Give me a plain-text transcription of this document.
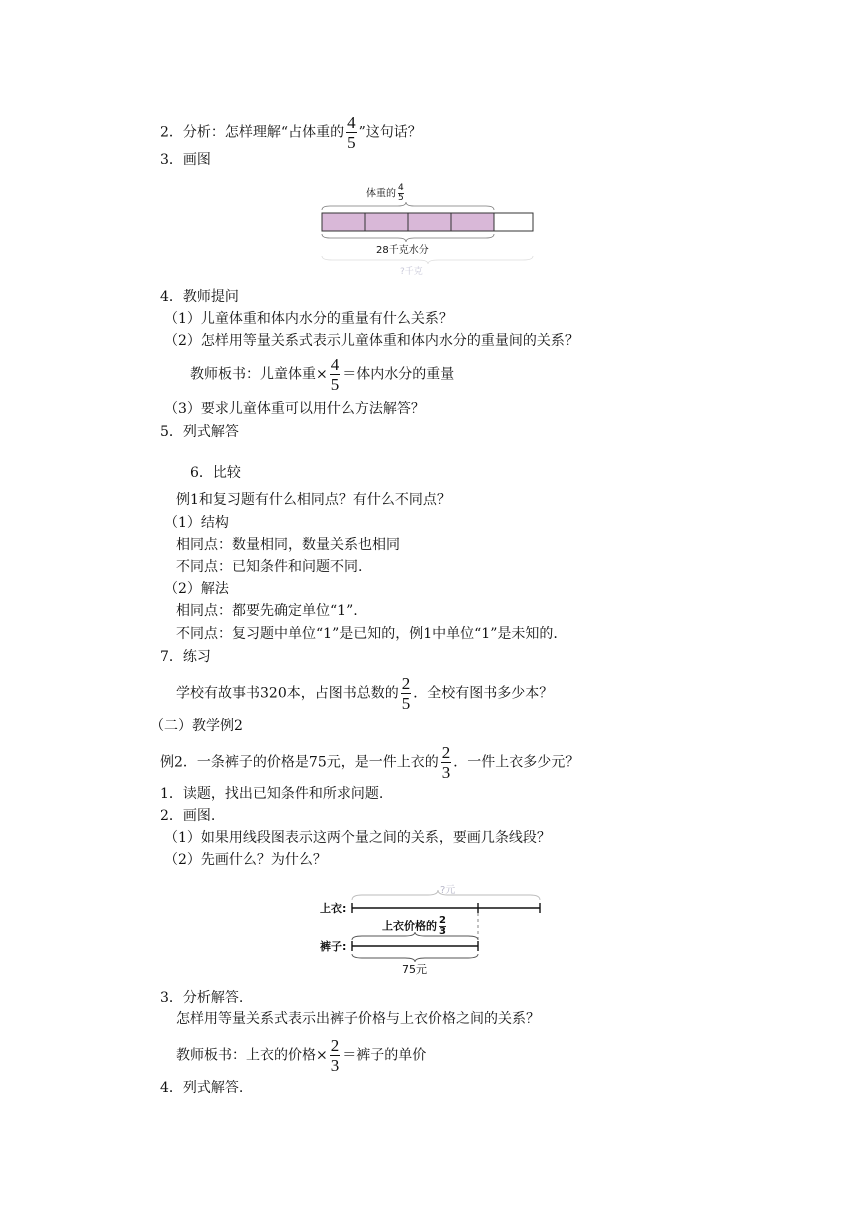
2．分析：怎样理解“占体重的 $\frac{4}{5}$ ”这句话？
3．画图
体重的 $\frac{4}{5}$
28千克水分
?千克
4．教师提问
（1）儿童体重和体内水分的重量有什么关系？
（2）怎样用等量关系式表示儿童体重和体内水分的重量间的关系？
教师板书：儿童体重× $\frac{4}{5}$ ＝体内水分的重量
（3）要求儿童体重可以用什么方法解答？
5．列式解答
6．比较
例1和复习题有什么相同点？有什么不同点？
（1）结构
相同点：数量相同，数量关系也相同
不同点：已知条件和问题不同.
（2）解法
相同点：都要先确定单位“1”.
不同点：复习题中单位“1”是已知的，例1中单位“1”是未知的.
7．练习
学校有故事书320本，占图书总数的 $\frac{2}{5}$ ．全校有图书多少本？
（二）教学例2
例2．一条裤子的价格是75元，是一件上衣的 $\frac{2}{3}$ ．一件上衣多少元？
1．读题，找出已知条件和所求问题.
2．画图.
（1）如果用线段图表示这两个量之间的关系，要画几条线段？
（2）先画什么？为什么？
上衣:
裤子:
?元
上衣价格的 $\frac{2}{3}$
75元
3．分析解答.
怎样用等量关系式表示出裤子价格与上衣价格之间的关系？
教师板书：上衣的价格× $\frac{2}{3}$ ＝裤子的单价
4．列式解答.
